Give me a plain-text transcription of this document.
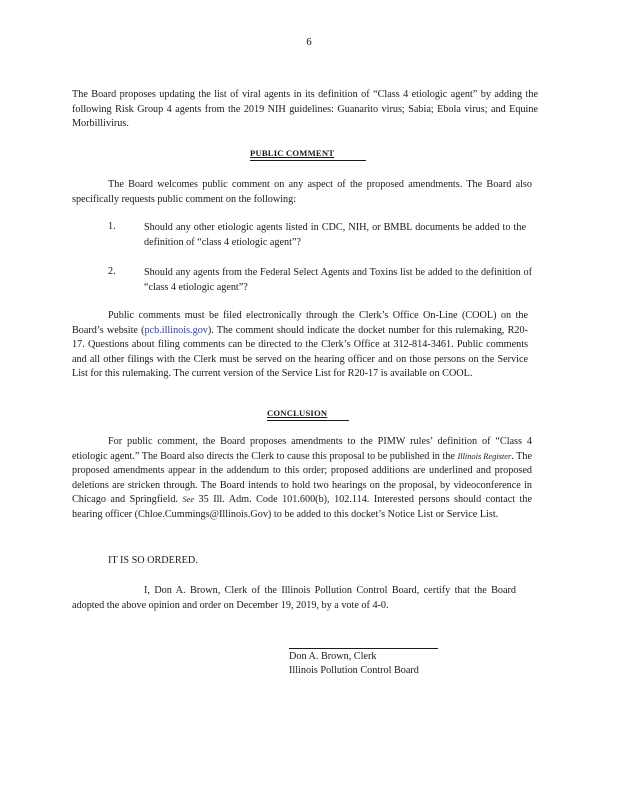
6
The Board proposes updating the list of viral agents in its definition of “Class 4 etiologic agent” by adding the following Risk Group 4 agents from the 2019 NIH guidelines: Guanarito virus; Sabia; Ebola virus; and Equine Morbillivirus.
PUBLIC COMMENT
The Board welcomes public comment on any aspect of the proposed amendments. The Board also specifically requests public comment on the following:
1.	Should any other etiologic agents listed in CDC, NIH, or BMBL documents be added to the definition of “class 4 etiologic agent”?
2.	Should any agents from the Federal Select Agents and Toxins list be added to the definition of “class 4 etiologic agent”?
Public comments must be filed electronically through the Clerk’s Office On-Line (COOL) on the Board’s website (pcb.illinois.gov). The comment should indicate the docket number for this rulemaking, R20-17. Questions about filing comments can be directed to the Clerk’s Office at 312-814-3461. Public comments and all other filings with the Clerk must be served on the hearing officer and on those persons on the Service List for this rulemaking. The current version of the Service List for R20-17 is available on COOL.
CONCLUSION
For public comment, the Board proposes amendments to the PIMW rules’ definition of “Class 4 etiologic agent.” The Board also directs the Clerk to cause this proposal to be published in the Illinois Register. The proposed amendments appear in the addendum to this order; proposed additions are underlined and proposed deletions are stricken through. The Board intends to hold two hearings on the proposal, by videoconference in Chicago and Springfield. See 35 Ill. Adm. Code 101.600(b), 102.114. Interested persons should contact the hearing officer (Chloe.Cummings@Illinois.Gov) to be added to this docket’s Notice List or Service List.
IT IS SO ORDERED.
I, Don A. Brown, Clerk of the Illinois Pollution Control Board, certify that the Board adopted the above opinion and order on December 19, 2019, by a vote of 4-0.
Don A. Brown, Clerk
Illinois Pollution Control Board
